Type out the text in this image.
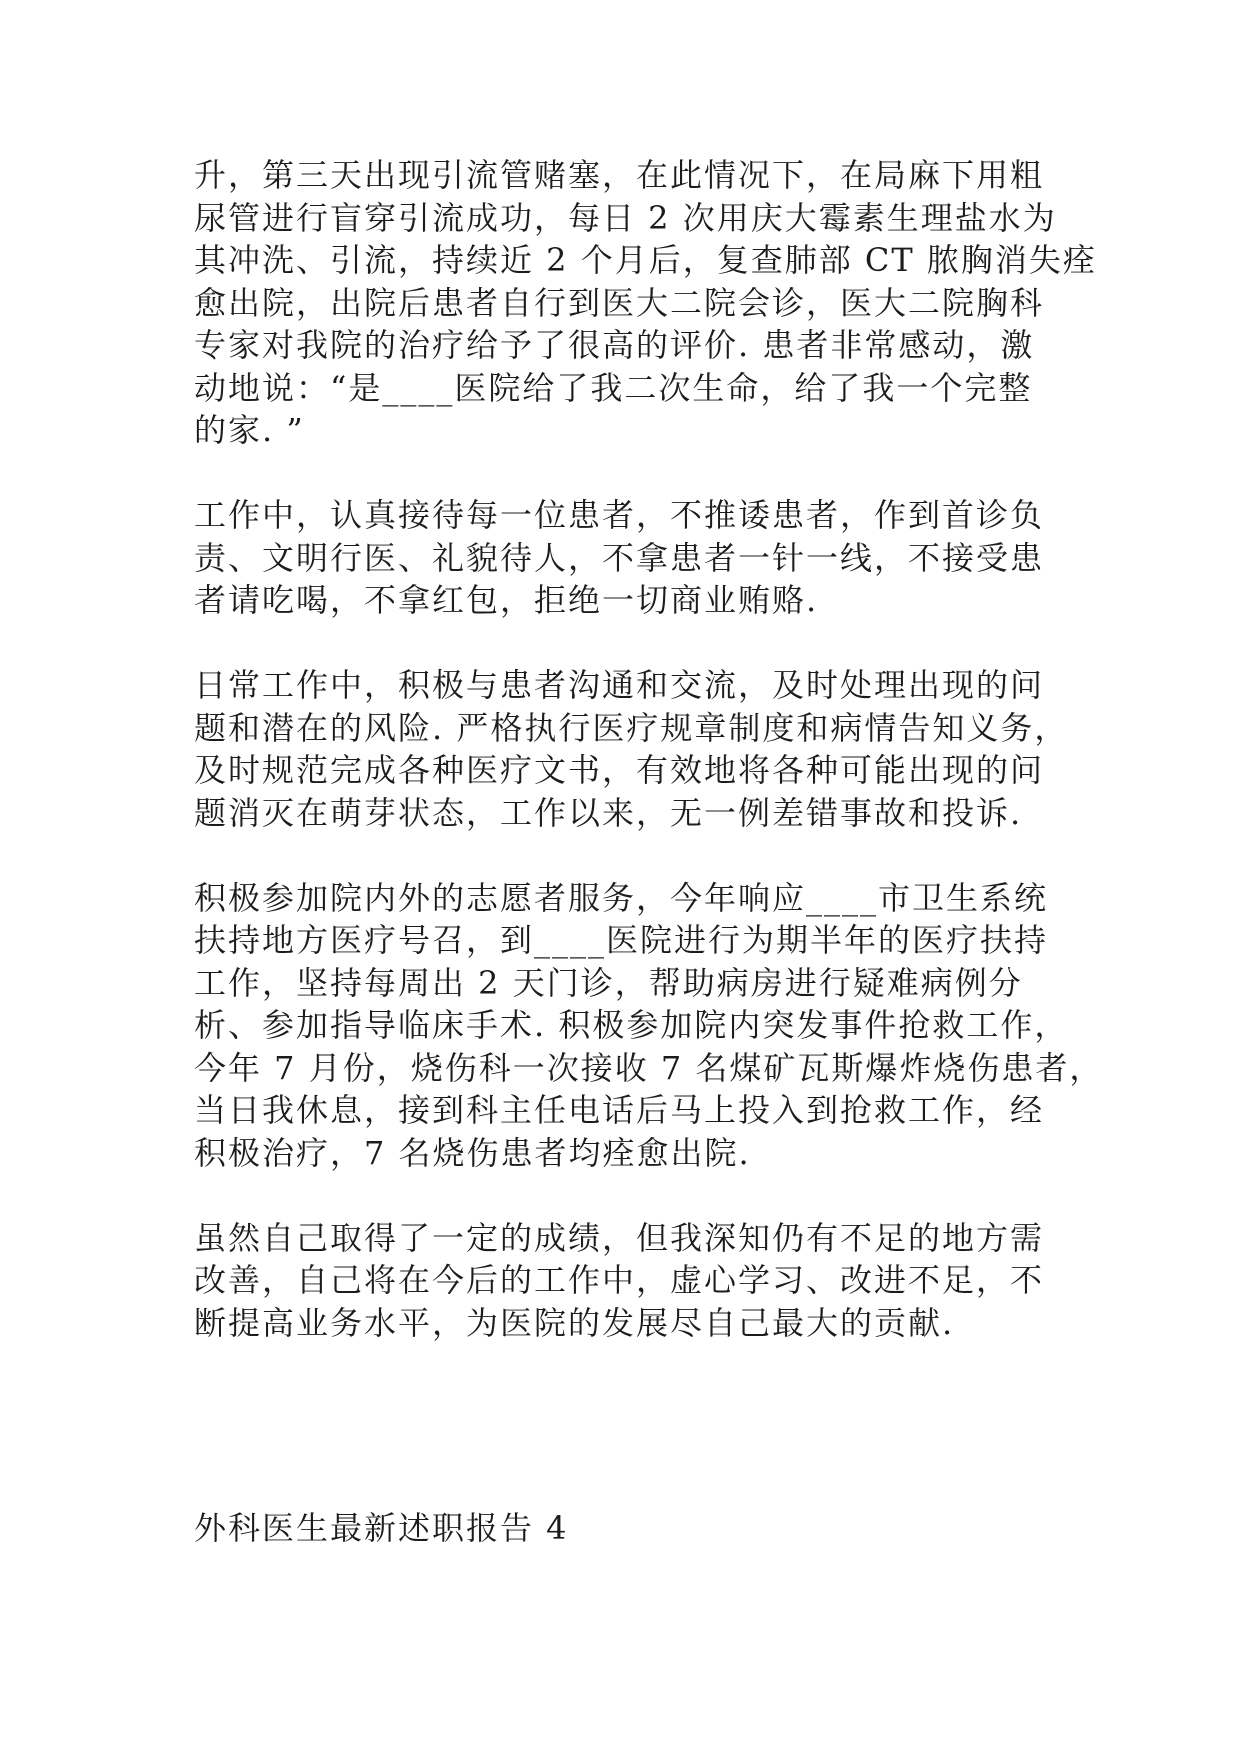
升，第三天出现引流管赌塞，在此情况下，在局麻下用粗
尿管进行盲穿引流成功，每日 2 次用庆大霉素生理盐水为
其冲洗、引流，持续近 2 个月后，复查肺部 CT 脓胸消失痊
愈出院，出院后患者自行到医大二院会诊，医大二院胸科
专家对我院的治疗给予了很高的评价. 患者非常感动，激
动地说：“是____医院给了我二次生命，给了我一个完整
的家. ”
工作中，认真接待每一位患者，不推诿患者，作到首诊负
责、文明行医、礼貌待人，不拿患者一针一线，不接受患
者请吃喝，不拿红包，拒绝一切商业贿赂.
日常工作中，积极与患者沟通和交流，及时处理出现的问
题和潜在的风险. 严格执行医疗规章制度和病情告知义务，
及时规范完成各种医疗文书，有效地将各种可能出现的问
题消灭在萌芽状态，工作以来，无一例差错事故和投诉.
积极参加院内外的志愿者服务，今年响应____市卫生系统
扶持地方医疗号召，到____医院进行为期半年的医疗扶持
工作，坚持每周出 2 天门诊，帮助病房进行疑难病例分
析、参加指导临床手术. 积极参加院内突发事件抢救工作，
今年 7 月份，烧伤科一次接收 7 名煤矿瓦斯爆炸烧伤患者，
当日我休息，接到科主任电话后马上投入到抢救工作，经
积极治疗，7 名烧伤患者均痊愈出院.
虽然自己取得了一定的成绩，但我深知仍有不足的地方需
改善，自己将在今后的工作中，虚心学习、改进不足，不
断提高业务水平，为医院的发展尽自己最大的贡献.
外科医生最新述职报告 4
